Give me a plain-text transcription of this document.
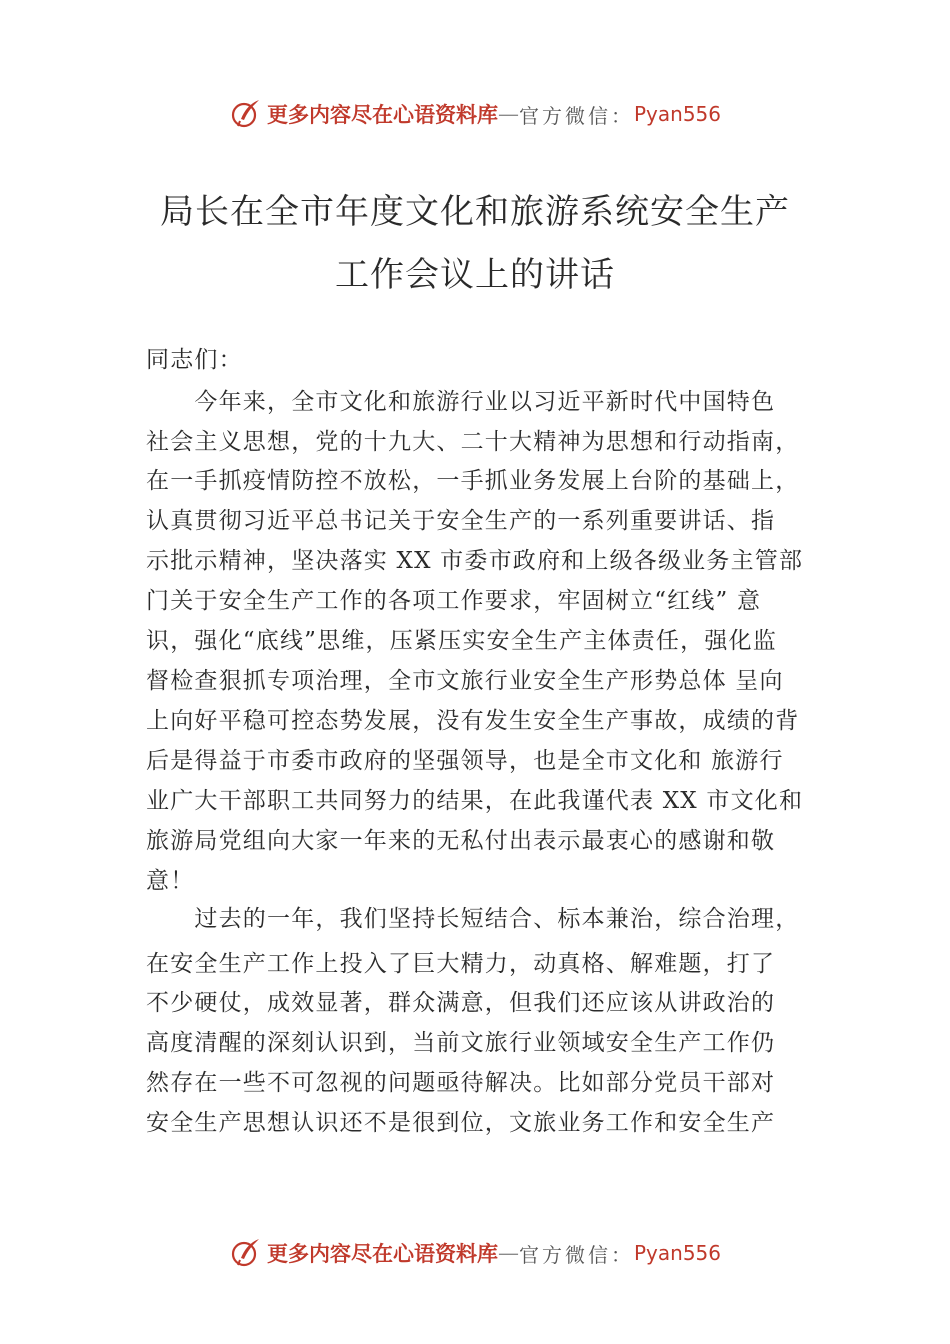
更多内容尽在心语资料库 — 官方微信： Pyan556
局长在全市年度文化和旅游系统安全生产
工作会议上的讲话
同志们：
　　今年来，全市文化和旅游行业以习近平新时代中国特色
社会主义思想，党的十九大、二十大精神为思想和行动指南，
在一手抓疫情防控不放松，一手抓业务发展上台阶的基础上，
认真贯彻习近平总书记关于安全生产的一系列重要讲话、指
示批示精神，坚决落实 XX 市委市政府和上级各级业务主管部
门关于安全生产工作的各项工作要求，牢固树立“红线” 意
识，强化“底线”思维，压紧压实安全生产主体责任，强化监
督检查狠抓专项治理，全市文旅行业安全生产形势总体 呈向
上向好平稳可控态势发展，没有发生安全生产事故，成绩的背
后是得益于市委市政府的坚强领导，也是全市文化和 旅游行
业广大干部职工共同努力的结果，在此我谨代表 XX 市文化和
旅游局党组向大家一年来的无私付出表示最衷心的感谢和敬
意！
　　过去的一年，我们坚持长短结合、标本兼治，综合治理，
在安全生产工作上投入了巨大精力，动真格、解难题，打了
不少硬仗，成效显著，群众满意，但我们还应该从讲政治的
高度清醒的深刻认识到，当前文旅行业领域安全生产工作仍
然存在一些不可忽视的问题亟待解决。比如部分党员干部对
安全生产思想认识还不是很到位，文旅业务工作和安全生产
更多内容尽在心语资料库 — 官方微信： Pyan556
